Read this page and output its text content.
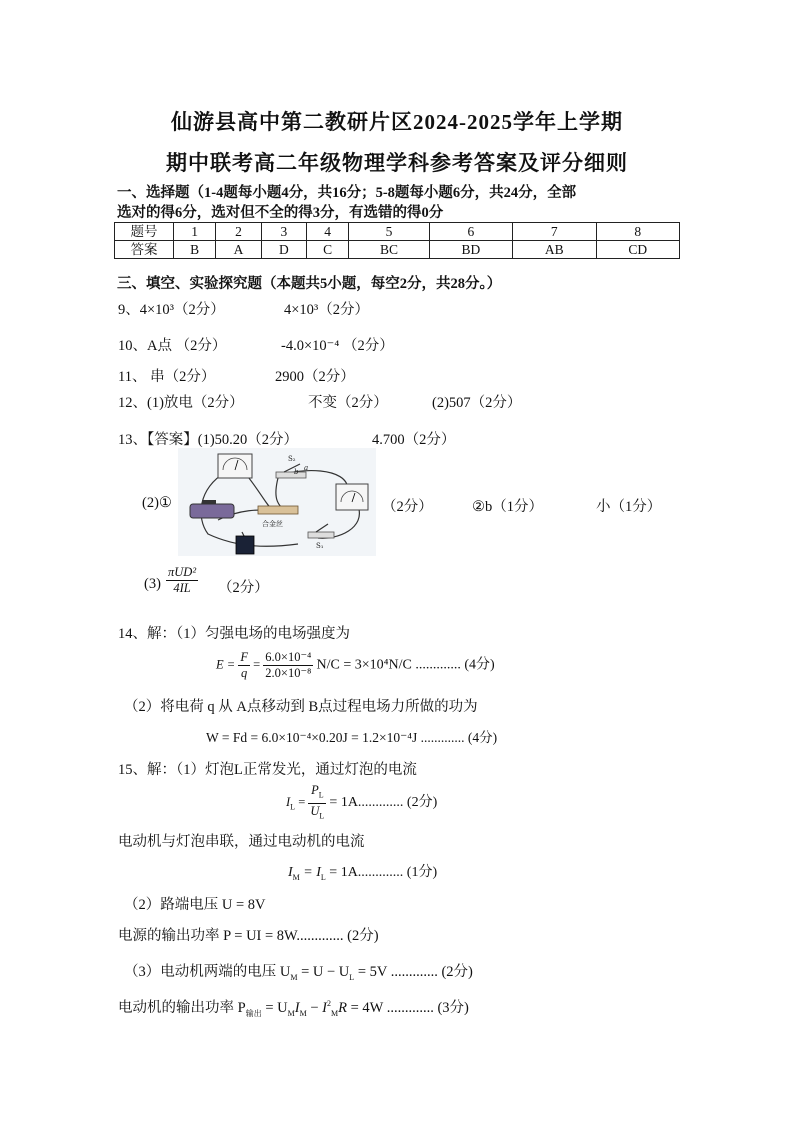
仙游县高中第二教研片区2024-2025学年上学期
期中联考高二年级物理学科参考答案及评分细则
一、选择题（1-4题每小题4分，共16分；5-8题每小题6分，共24分，全部
选对的得6分，选对但不全的得3分，有选错的得0分
题号	1	2	3	4	5	6	7	8
答案	B	A	D	C	BC	BD	AB	CD
三、填空、实验探究题（本题共5小题，每空2分，共28分。）
9、4×10³（2分）	4×10³（2分）
10、A点 （2分）	-4.0×10⁻⁴ （2分）
11、 串（2分）	2900（2分）
12、(1)放电（2分）	不变（2分）	(2)507（2分）
13、【答案】(1)50.20（2分）	4.700（2分）
(2)①
合金丝
S₁
S₂
a
b
（2分）	②b（1分）	小（1分）
$(3) \frac{\text{πUD²}}{4IL} (2$分）
14、解：（1）匀强电场的电场强度为
$E = \frac{F}{q} = \frac{\text{6.0×10⁻⁴}}{\text{2.0×10⁻⁸}} N/C = 3\times 10^4N/C$ ............. (4分)
（2）将电荷 q 从 A点移动到 B点过程电场力所做的功为
W = Fd = 6.0×10⁻⁴×0.20J = 1.2×10⁻⁴J ............. (4分)
15、解：（1）灯泡L正常发光，通过灯泡的电流
$I_L = \frac{P_L}{U_L} = 1A$............. (2分)
电动机与灯泡串联，通过电动机的电流
$I_M = I_L = 1A$............. (1分)
（2）路端电压 U = 8V
电源的输出功率 P = UI = 8W............. (2分)
（3）电动机两端的电压 $U_M = U - U_L = 5V$ ............. (2分)
电动机的输出功率 $P_{输出} = U_MI_M - I^2_MR = 4W$ ............. (3分)
